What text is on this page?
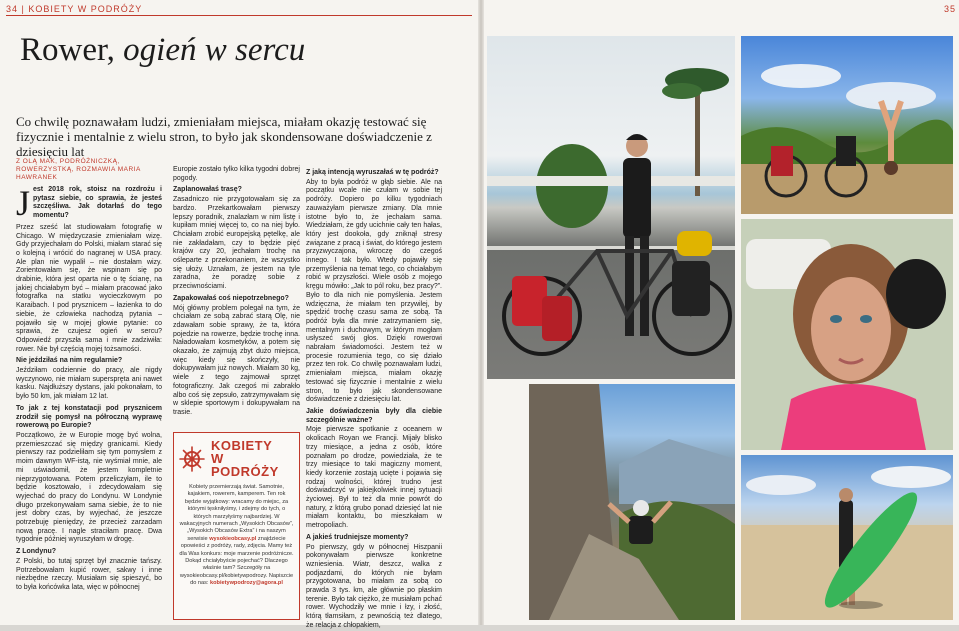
34 | KOBIETY W PODRÓŻY	35
Rower, ogień w sercu
Co chwilę poznawałam ludzi, zmieniałam miejsca, miałam okazję testować się fizycznie i mentalnie z wielu stron, to było jak skondensowane doświadczenie z dziesięciu lat
Z OLĄ MAK, PODRÓŻNICZKĄ, ROWERZYSTKĄ, ROZMAWIA MARIA HAWRANEK

Jest 2018 rok, stoisz na rozdrożu i pytasz siebie, co sprawia, że jesteś szczęśliwa. Jak dotarłaś do tego momentu?

Przez sześć lat studiowałam fotografię w Chicago. W międzyczasie zmieniałam wizę. Gdy przyjechałam do Polski, miałam starać się o kolejną i wrócić do nagranej w USA pracy. Ale plan nie wypalił – nie dostałam wizy. Zorientowałam się, że wspinam się po drabinie, która jest oparta nie o tę ścianę, na jakiej chciałabym być – miałam pracować jako fotografka na statku wycieczkowym po Karaibach. I pod prysznicem – łazienka to do siebie, że człowieka nachodzą pytania – pojawiło się w mojej głowie pytanie: co sprawia, że czujesz ogień w sercu? Odpowiedź przyszła sama i mnie zadziwiła: rower. Nie był częścią mojej tożsamości.

Nie jeździłaś na nim regularnie?

Jeździłam codziennie do pracy, ale nigdy wyczynowo, nie miałam superspręta ani nawet kasku. Najdłuższy dystans, jaki pokonałam, to było 50 km, jak miałam 12 lat.

To jak z tej konstatacji pod prysznicem zrodził się pomysł na półroczną wyprawę rowerową po Europie?

Początkowo, że w Europie mogę być wolna, przemieszczać się między granicami. Kiedy pierwszy raz podzieliłam się tym pomysłem z moim dawnym WF-istą, nie wyśmiał mnie, ale mi uświadomił, że jestem kompletnie nieprzygotowana. Potem przeliczyłam, ile to będzie kosztowało, i zdecydowałam się wyjechać do pracy do Londynu. W Londynie długo przekonywałam sama siebie, że to nie jest dobry czas, by wyjechać, że jeszcze potrzebuję pieniędzy, że przecież zarzadam nową pracę. I nagle straciłam pracę. Dwa tygodnie później wyruszyłam w drogę.

Z Londynu?

Z Polski, bo tutaj sprzęt był znacznie tańszy. Potrzebowałam kupić rower, sakwy i inne niezbędne rzeczy. Musiałam się spieszyć, bo to była końcówka lata, więc w północnej

Europie zostało tylko kilka tygodni dobrej pogody.

Zaplanowałaś trasę?

Zasadniczo nie przygotowałam się za bardzo. Przekartkowałam pierwszy lepszy poradnik, znalazłam w nim listę i kupiłam mniej więcej to, co na niej było. Chciałam zrobić europejską pętelkę, ale nie zakładałam, czy to będzie pięć krajów czy 20, jechałam trochę na ośleparte z przekonaniem, że wszystko się ułoży. Uznałam, że jestem na tyle zaradna, że poradzę sobie z przeciwnościami.

Zapakowałaś coś niepotrzebnego?

Mój główny problem polegał na tym, że chciałam ze sobą zabrać starą Olę, nie zdawałam sobie sprawy, że ta, która pojedzie na rowerze, będzie trochę inna. Naładowałam kosmetyków, a potem się okazało, że zajmują zbyt dużo miejsca, więc kiedy się skończyły, nie dokupywałam już nowych. Miałam 30 kg, wiele z tego zajmował sprzęt fotograficzny. Jak czegoś mi zabrakło albo coś się zepsuło, zatrzymywałam się w sklepie sportowym i dokupywałam na trasie.

KOBIETY
W PODRÓŻY
Kobiety przemierzają świat. Samotnie, kajakiem, rowerem, kamperem. Ten rok będzie wyjątkowy: wracamy do miejsc, za którymi tęskniłyśmy, i zdejmy do tych, o których marzyłyśmy najbardziej. W wakacyjnych numerach „Wysokich Obcasów”, „Wysokich Obcasów Extra” i na naszym serwisie wysokieobcasy.pl znajdziecie opowieści z podróży, rady, zdjęcia. Mamy też dla Was konkurs: moje marzenie podróżnicze. Dokąd chciałybyście pojechać? Dlaczego właśnie tam? Szczegóły na wysokieobcasy.pl/kobietywpodrozy. Napiszcie do nas: kobietywpodrozy@agora.pl
Z jaką intencją wyruszałaś w tę podróż?

Aby to była podróż w głąb siebie. Ale na początku wcale nie czułam w sobie tej podróży. Dopiero po kilku tygodniach zauważyłam pierwsze zmiany. Dla mnie istotne było to, że jechałam sama. Wiedziałam, że gdy ucichnie cały ten hałas, który jest dookoła, gdy zniknął stresy związane z pracą i świat, do którego jestem przyzwyczajona, wkroczę do czegoś innego. I tak było. Wtedy pojawiły się przemyślenia na temat tego, co chciałabym robić w przyszłości. Wiele osób z mojego kręgu mówiło: „Jak to pól roku, bez pracy?”. Było to dla nich nie pomyślenia. Jestem wdzięczna, że miałam ten przywilej, by spędzić trochę czasu sama ze sobą. Ta podróż była dla mnie zatrzymaniem się, mentalnym i duchowym, w którym mogłam usłyszeć swój głos. Dzięki rowerowi nabrałam świadomości. Jestem też w procesie rozumienia tego, co się działo przez ten rok. Co chwilę poznawałam ludzi, zmieniałam miejsca, miałam okazję testować się fizycznie i mentalnie z wielu stron, to było jak skondensowane doświadczenie z dziesięciu lat.

Jakie doświadczenia były dla ciebie szczególnie ważne?

Moje pierwsze spotkanie z oceanem w okolicach Royan we Francji. Mijały blisko trzy miesiące, a jedna z osób, które poznałam po drodze, powiedziała, że te trzy miesiące to taki magiczny moment, kiedy korzenie zostają ucięte i pojawia się rodzaj wolności, której trudno jest doświadczyć w jakiejkolwiek innej sytuacji życiowej. Był to też dla mnie powrót do natury, z którą grubo ponad dziesięć lat nie miałam kontaktu, bo mieszkałam w metropoliach.

A jakieś trudniejsze momenty?

Po pierwszy, gdy w północnej Hiszpanii pokonywałam pierwsze konkretne wzniesienia. Wiatr, deszcz, walka z podjazdami, do których nie byłam przygotowana, bo miałam za sobą co prawda 3 tys. km, ale głównie po płaskim terenie. Było tak ciężko, że musiałam pchać rower. Wychodziły we mnie i łzy, i złość, którą tłamsiłam, z pewnością też dlatego, że relacja z chłopakiem,
